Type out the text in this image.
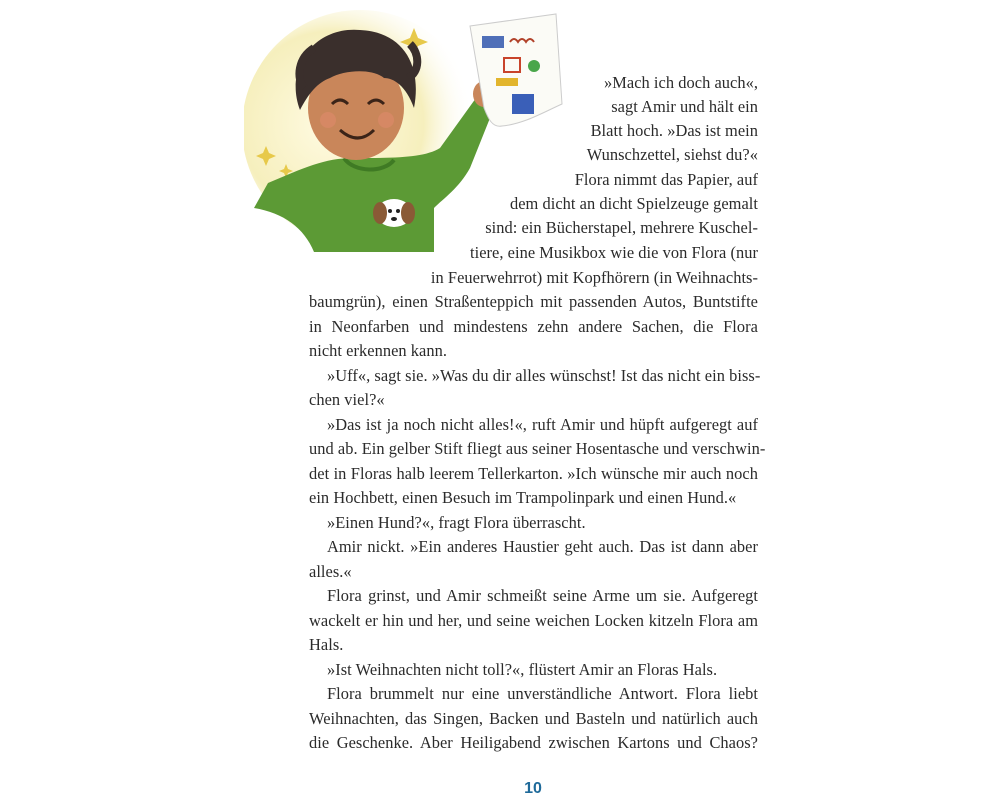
»Mach ich doch auch«,
sagt Amir und hält ein
Blatt hoch. »Das ist mein
Wunschzettel, siehst du?«
Flora nimmt das Papier, auf
dem dicht an dicht Spielzeuge gemalt
sind: ein Bücherstapel, mehrere Kuschel-
tiere, eine Musikbox wie die von Flora (nur
in Feuerwehrrot) mit Kopfhörern (in Weihnachts-
baumgrün), einen Straßenteppich mit passenden Autos, Buntstifte
in Neonfarben und mindestens zehn andere Sachen, die Flora
nicht erkennen kann.
»Uff«, sagt sie. »Was du dir alles wünschst! Ist das nicht ein biss-
chen viel?«
»Das ist ja noch nicht alles!«, ruft Amir und hüpft aufgeregt auf
und ab. Ein gelber Stift fliegt aus seiner Hosentasche und verschwin-
det in Floras halb leerem Tellerkarton. »Ich wünsche mir auch noch
ein Hochbett, einen Besuch im Trampolinpark und einen Hund.«
»Einen Hund?«, fragt Flora überrascht.
Amir nickt. »Ein anderes Haustier geht auch. Das ist dann aber
alles.«
Flora grinst, und Amir schmeißt seine Arme um sie. Aufgeregt
wackelt er hin und her, und seine weichen Locken kitzeln Flora am
Hals.
»Ist Weihnachten nicht toll?«, flüstert Amir an Floras Hals.
Flora brummelt nur eine unverständliche Antwort. Flora liebt
Weihnachten, das Singen, Backen und Basteln und natürlich auch
die Geschenke. Aber Heiligabend zwischen Kartons und Chaos?
10
